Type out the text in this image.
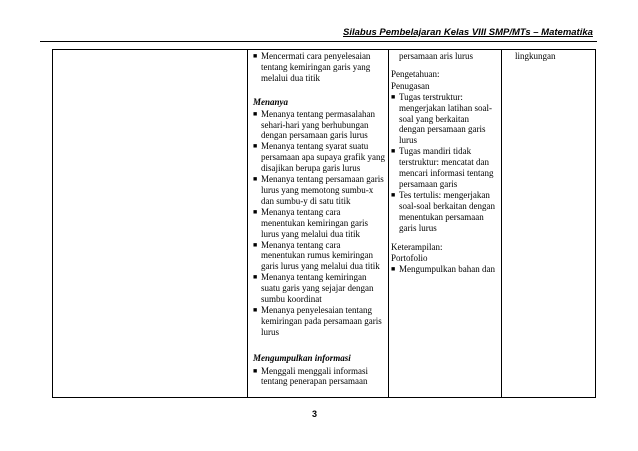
Silabus Pembelajaran Kelas VIII SMP/MTs – Matematika
■ Mencermati cara penyelesaian tentang kemiringan garis yang melalui dua titik
Menanya
■ Menanya tentang permasalahan sehari-hari yang berhubungan dengan persamaan garis lurus
■ Menanya tentang syarat suatu persamaan apa supaya grafik yang disajikan berupa garis lurus
■ Menanya tentang persamaan garis lurus yang memotong sumbu-x dan sumbu-y di satu titik
■ Menanya tentang cara menentukan kemiringan garis lurus yang melalui dua titik
■ Menanya tentang cara menentukan rumus kemiringan garis lurus yang melalui dua titik
■ Menanya tentang kemiringan suatu garis yang sejajar dengan sumbu koordinat
■ Menanya penyelesaian tentang kemiringan pada persamaan garis lurus
Mengumpulkan informasi
■ Menggali menggali informasi tentang penerapan persamaan
persamaan aris lurus
Pengetahuan:
Penugasan
■ Tugas terstruktur: mengerjakan latihan soal-soal yang berkaitan dengan persamaan garis lurus
■ Tugas mandiri tidak terstruktur: mencatat dan mencari informasi tentang persamaan garis
■ Tes tertulis: mengerjakan soal-soal berkaitan dengan menentukan persamaan garis lurus
Keterampilan:
Portofolio
■ Mengumpulkan bahan dan
lingkungan
3
